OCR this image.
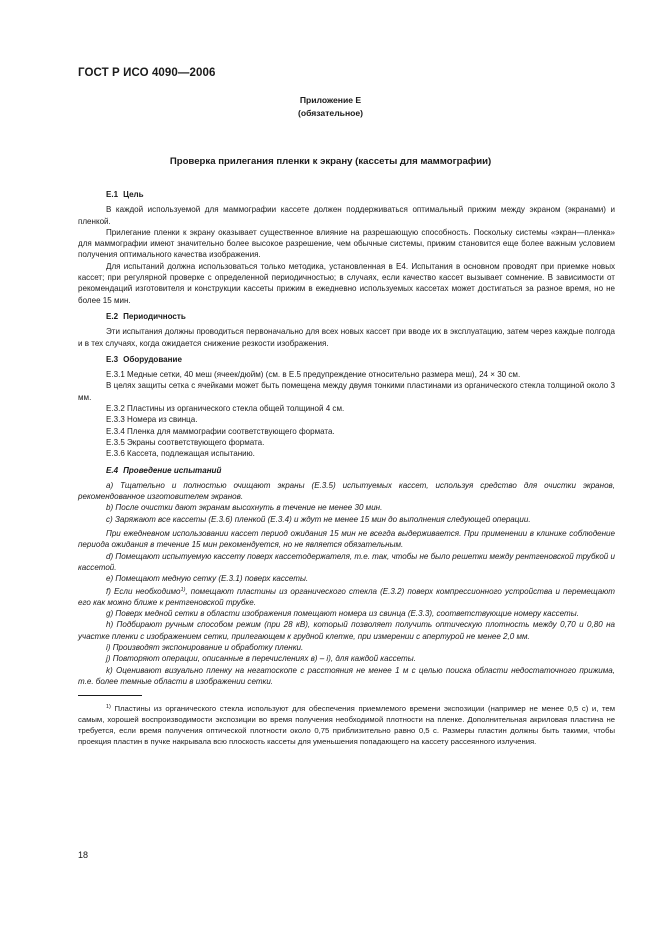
ГОСТ Р ИСО 4090—2006
Приложение Е
(обязательное)
Проверка прилегания пленки к экрану (кассеты для маммографии)
Е.1 Цель

В каждой используемой для маммографии кассете должен поддерживаться оптимальный прижим между экраном (экранами) и пленкой.

Прилегание пленки к экрану оказывает существенное влияние на разрешающую способность. Поскольку системы «экран—пленка» для маммографии имеют значительно более высокое разрешение, чем обычные системы, прижим становится еще более важным условием получения оптимального качества изображения.

Для испытаний должна использоваться только методика, установленная в Е4. Испытания в основном проводят при приемке новых кассет; при регулярной проверке с определенной периодичностью; в случаях, если качество кассет вызывает сомнение. В зависимости от рекомендаций изготовителя и конструкции кассеты прижим в ежедневно используемых кассетах может достигаться за разное время, но не более 15 мин.

Е.2 Периодичность

Эти испытания должны проводиться первоначально для всех новых кассет при вводе их в эксплуатацию, затем через каждые полгода и в тех случаях, когда ожидается снижение резкости изображения.

Е.3 Оборудование

Е.3.1 Медные сетки, 40 меш (ячеек/дюйм) (см. в Е.5 предупреждение относительно размера меш), 24 × 30 см.

В целях защиты сетка с ячейками может быть помещена между двумя тонкими пластинами из органического стекла толщиной около 3 мм.

Е.3.2 Пластины из органического стекла общей толщиной 4 см.

Е.3.3 Номера из свинца.

Е.3.4 Пленка для маммографии соответствующего формата.

Е.3.5 Экраны соответствующего формата.

Е.3.6 Кассета, подлежащая испытанию.

Е.4 Проведение испытаний

а) Тщательно и полностью очищают экраны (Е.3.5) испытуемых кассет, используя средство для очистки экранов, рекомендованное изготовителем экранов.

b) После очистки дают экранам высохнуть в течение не менее 30 мин.

c) Заряжают все кассеты (Е.3.6) пленкой (Е.3.4) и ждут не менее 15 мин до выполнения следующей операции.

При ежедневном использовании кассет период ожидания 15 мин не всегда выдерживается. При применении в клинике соблюдение периода ожидания в течение 15 мин рекомендуется, но не является обязательным.

d) Помещают испытуемую кассету поверх кассетодержателя, т.е. так, чтобы не было решетки между рентгеновской трубкой и кассетой.

е) Помещают медную сетку (Е.3.1) поверх кассеты.

f) Если необходимо$^{1)}$, помещают пластины из органического стекла (Е.3.2) поверх компрессионного устройства и перемещают его как можно ближе к рентгеновской трубке.

g) Поверх медной сетки в области изображения помещают номера из свинца (Е.3.3), соответствующие номеру кассеты.

h) Подбирают ручным способом режим (при 28 кВ), который позволяет получить оптическую плотность между 0,70 и 0,80 на участке пленки с изображением сетки, прилегающем к грудной клетке, при измерении с апертурой не менее 2,0 мм.

i) Производят экспонирование и обработку пленки.

j) Повторяют операции, описанные в перечислениях в) – i), для каждой кассеты.

k) Оценивают визуально пленку на негатоскопе с расстояния не менее 1 м с целью поиска области недостаточного прижима, т.е. более темные области в изображении сетки.

$^{1)}$ Пластины из органического стекла используют для обеспечения приемлемого времени экспозиции (например не менее 0,5 с) и, тем самым, хорошей воспроизводимости экспозиции во время получения необходимой плотности на пленке. Дополнительная акриловая пластина не требуется, если время получения оптической плотности около 0,75 приблизительно равно 0,5 с. Размеры пластин должны быть такими, чтобы проекция пластин в пучке накрывала всю плоскость кассеты для уменьшения попадающего на кассету рассеянного излучения.

18
